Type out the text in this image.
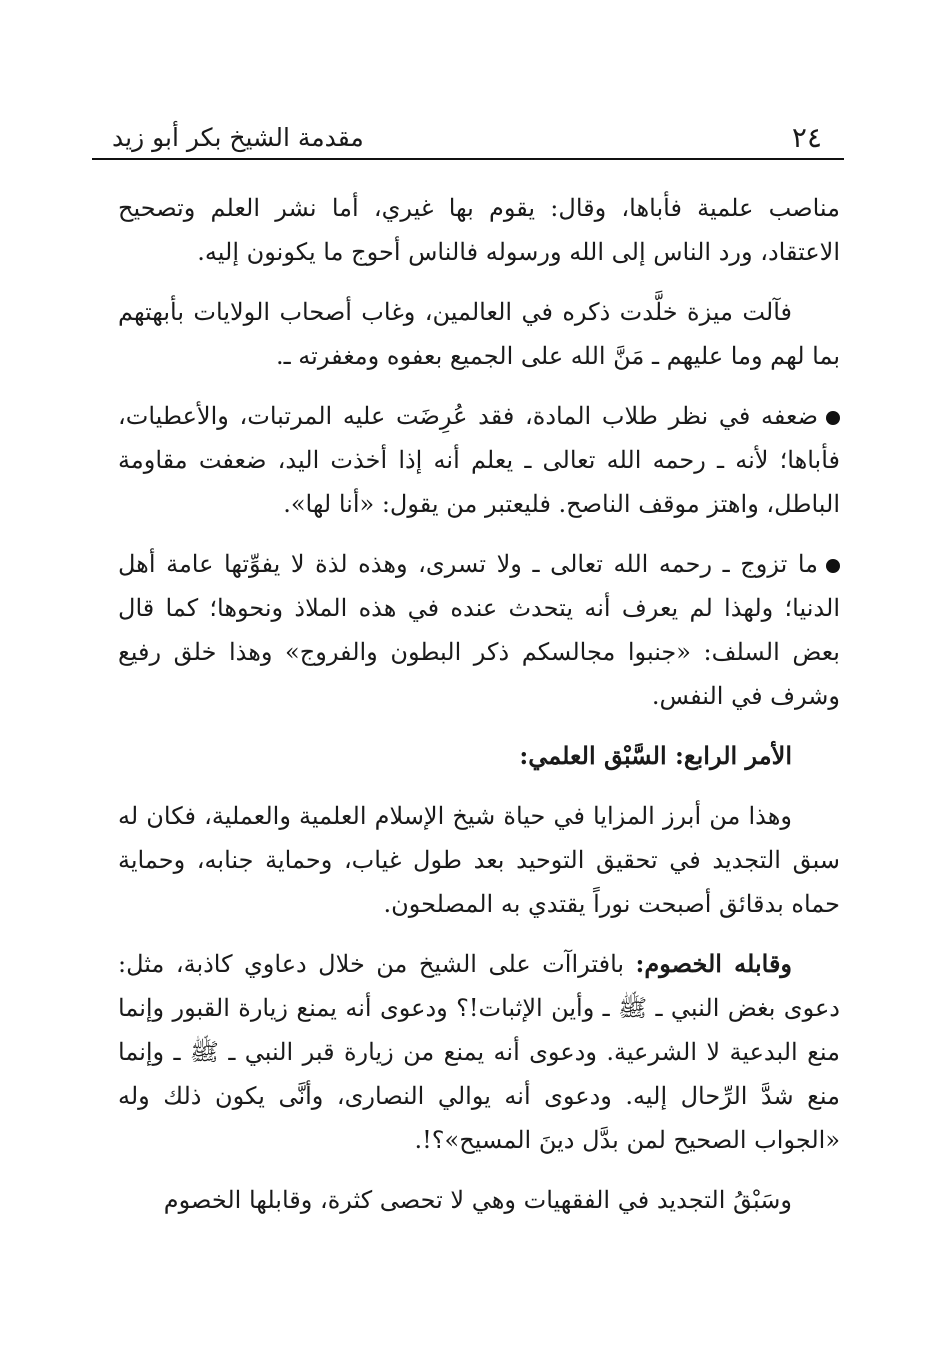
٢٤
مقدمة الشيخ بكر أبو زيد

مناصب علمية فأباها، وقال: يقوم بها غيري، أما نشر العلم وتصحيح الاعتقاد، ورد الناس إلى الله ورسوله فالناس أحوج ما يكونون إليه.

فآلت ميزة خلَّدت ذكره في العالمين، وغاب أصحاب الولايات بأبهتهم بما لهم وما عليهم ـ مَنَّ الله على الجميع بعفوه ومغفرته ـ.

ضعفه في نظر طلاب المادة، فقد عُرِضَت عليه المرتبات، والأعطيات، فأباها؛ لأنه ـ رحمه الله تعالى ـ يعلم أنه إذا أخذت اليد، ضعفت مقاومة الباطل، واهتز موقف الناصح. فليعتبر من يقول: «أنا لها».

ما تزوج ـ رحمه الله تعالى ـ ولا تسرى، وهذه لذة لا يفوِّتها عامة أهل الدنيا؛ ولهذا لم يعرف أنه يتحدث عنده في هذه الملاذ ونحوها؛ كما قال بعض السلف: «جنبوا مجالسكم ذكر البطون والفروج» وهذا خلق رفيع وشرف في النفس.

الأمر الرابع: السَّبْق العلمي:

وهذا من أبرز المزايا في حياة شيخ الإسلام العلمية والعملية، فكان له سبق التجديد في تحقيق التوحيد بعد طول غياب، وحماية جنابه، وحماية حماه بدقائق أصبحت نوراً يقتدي به المصلحون.

وقابله الخصوم: بافتراآت على الشيخ من خلال دعاوي كاذبة، مثل: دعوى بغض النبي ـ ﷺ ـ وأين الإثبات!؟ ودعوى أنه يمنع زيارة القبور وإنما منع البدعية لا الشرعية. ودعوى أنه يمنع من زيارة قبر النبي ـ ﷺ ـ وإنما منع شدَّ الرِّحال إليه. ودعوى أنه يوالي النصارى، وأنَّى يكون ذلك وله «الجواب الصحيح لمن بدَّل دينَ المسيح»؟!.

وسَبْقُ التجديد في الفقهيات وهي لا تحصى كثرة، وقابلها الخصوم
